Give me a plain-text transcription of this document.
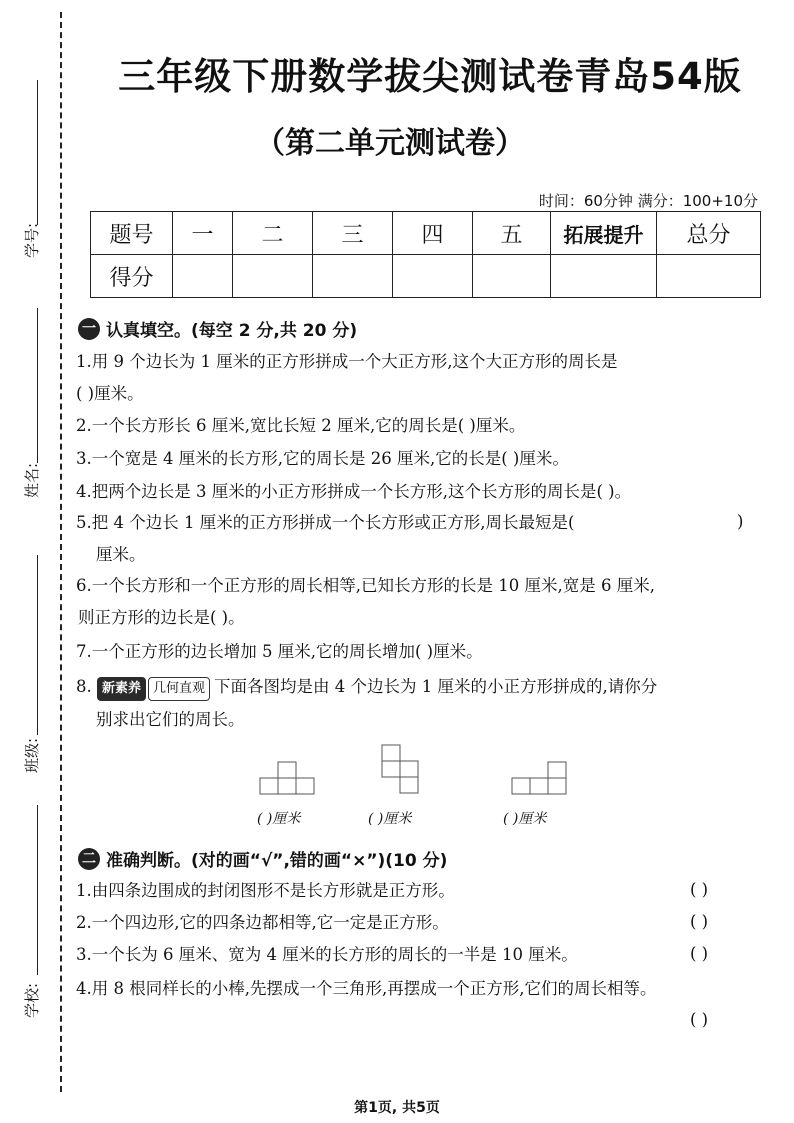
学号:
姓名:
班级:
学校:
三年级下册数学拔尖测试卷青岛54版
（第二单元测试卷）
时间：60分钟 满分：100+10分
题号	一	二	三	四	五	拓展提升	总分
得分							
一 认真填空。(每空 2 分,共 20 分)
1.用 9 个边长为 1 厘米的正方形拼成一个大正方形,这个大正方形的周长是
( )厘米。
2.一个长方形长 6 厘米,宽比长短 2 厘米,它的周长是( )厘米。
3.一个宽是 4 厘米的长方形,它的周长是 26 厘米,它的长是( )厘米。
4.把两个边长是 3 厘米的小正方形拼成一个长方形,这个长方形的周长是( )。
5.把 4 个边长 1 厘米的正方形拼成一个长方形或正方形,周长最短是(	)
厘米。
6.一个长方形和一个正方形的周长相等,已知长方形的长是 10 厘米,宽是 6 厘米,
则正方形的边长是( )。
7.一个正方形的边长增加 5 厘米,它的周长增加( )厘米。
8. 新素养 几何直观 下面各图均是由 4 个边长为 1 厘米的小正方形拼成的,请你分
别求出它们的周长。
( )厘米	( )厘米	( )厘米
二 准确判断。(对的画“√”,错的画“×”)(10 分)
1.由四条边围成的封闭图形不是长方形就是正方形。	( )
2.一个四边形,它的四条边都相等,它一定是正方形。	( )
3.一个长为 6 厘米、宽为 4 厘米的长方形的周长的一半是 10 厘米。	( )
4.用 8 根同样长的小棒,先摆成一个三角形,再摆成一个正方形,它们的周长相等。
( )
第1页, 共5页
